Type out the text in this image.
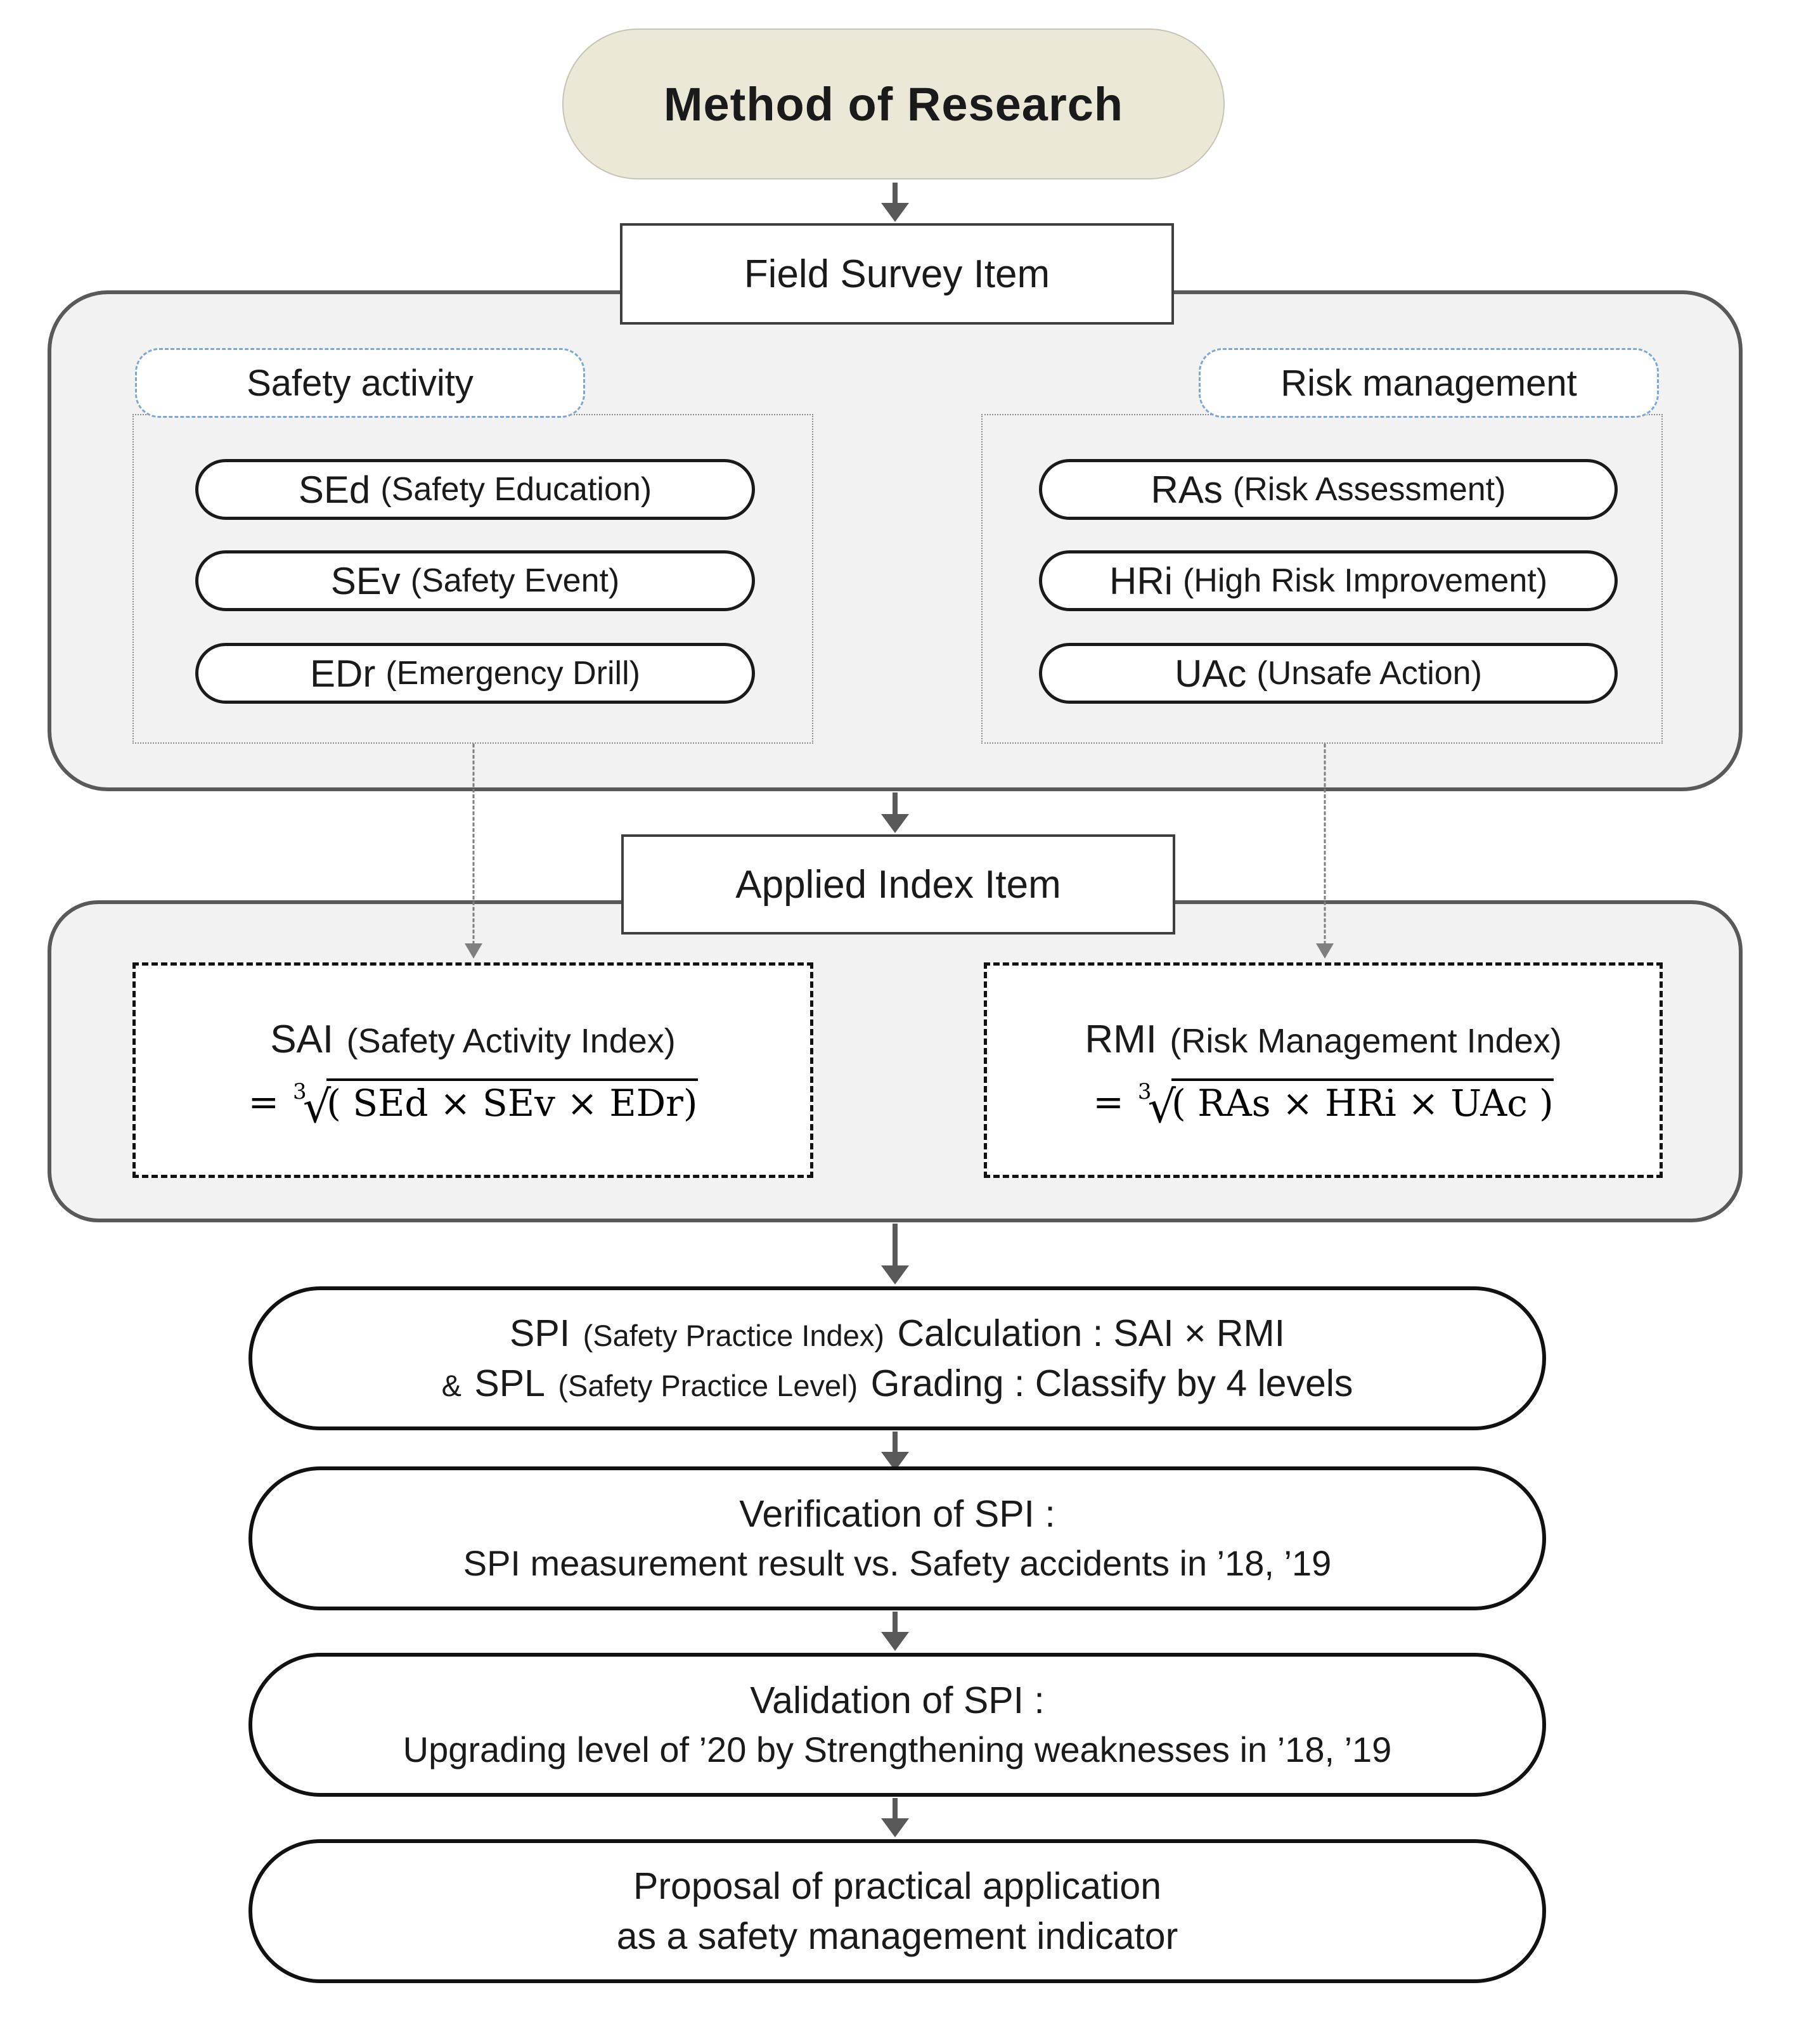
Method of Research
Field Survey Item
Safety activity
SEd (Safety Education)
SEv (Safety Event)
EDr (Emergency Drill)
Risk management
RAs (Risk Assessment)
HRi (High Risk Improvement)
UAc (Unsafe Action)
Applied Index Item
SAI (Safety Activity Index)
= 3
√
( SEd × SEv × EDr)
RMI (Risk Management Index)
= 3
√
( RAs × HRi × UAc )
SPI (Safety Practice Index) Calculation : SAI × RMI
& SPL (Safety Practice Level) Grading : Classify by 4 levels
Verification of SPI :
SPI measurement result vs. Safety accidents in ’18, ’19
Validation of SPI :
Upgrading level of ’20 by Strengthening weaknesses in ’18, ’19
Proposal of practical application
as a safety management indicator
